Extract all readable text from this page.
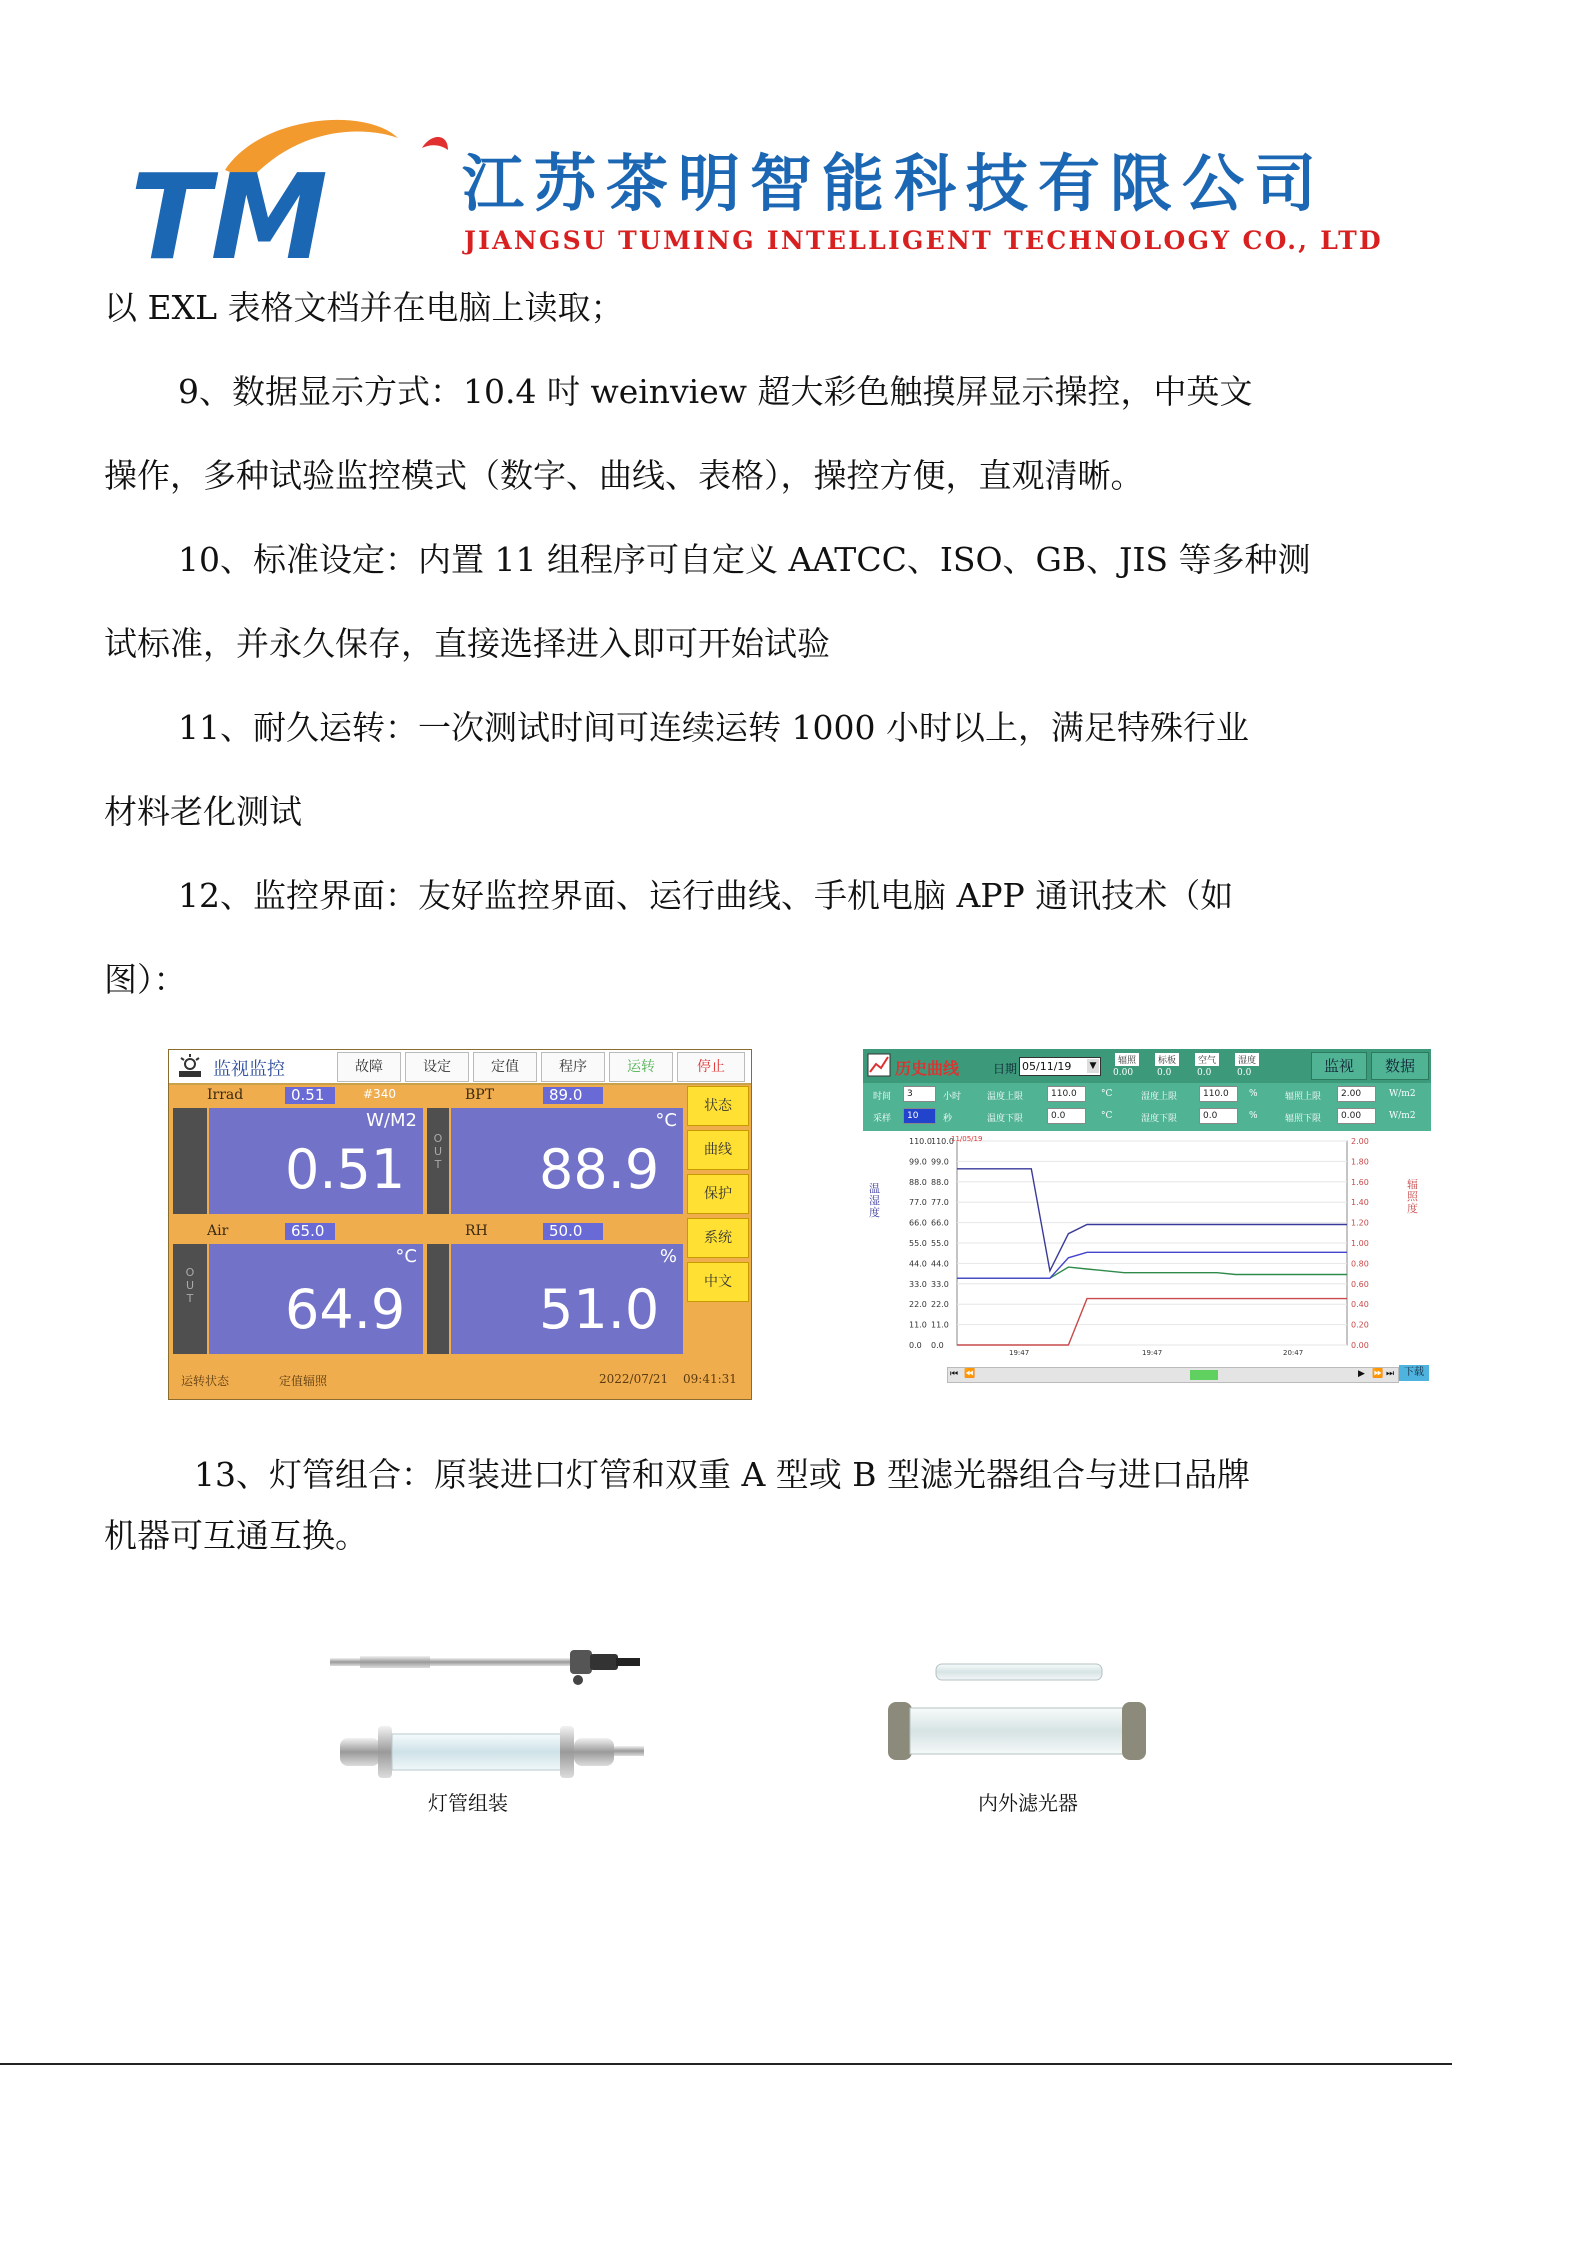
TM 江苏茶明智能科技有限公司
JIANGSU TUMING INTELLIGENT TECHNOLOGY CO., LTD
以 EXL 表格文档并在电脑上读取；
9、数据显示方式：10.4 吋 weinview 超大彩色触摸屏显示操控，中英文
操作，多种试验监控模式（数字、曲线、表格），操控方便，直观清晰。
10、标准设定：内置 11 组程序可自定义 AATCC、ISO、GB、JIS 等多种测
试标准，并永久保存，直接选择进入即可开始试验
11、耐久运转：一次测试时间可连续运转 1000 小时以上，满足特殊行业
材料老化测试
12、监控界面：友好监控界面、运行曲线、手机电脑 APP 通讯技术（如
图）：
监视监控	故障	设定	定值	程序	运转	停止
状态
曲线
保护
系统
中文
Irrad	0.51	#340
W/M2
0.51
BPT	89.0
OUT
°C
88.9
Air	65.0
OUT
°C
64.9
RH	50.0
%
51.0
运转状态	定值辐照	2022/07/21 09:41:31
历史曲线	日期 05/11/19 ▼	辐照	标板	空气	湿度
0.00	0.0	0.0	0.0	监视	数据
时间	3	小时
采样	10	秒
温度上限	110.0	°C
温度下限	0.0	°C
湿度上限	110.0	%
湿度下限	0.0	%
辐照上限	2.00	W/m2
辐照下限	0.00	W/m2
温湿度
辐照度
0.0 0.0
11.0 11.0
22.0 22.0
33.0 33.0
44.0 44.0
55.0 55.0
66.0 66.0
77.0 77.0
88.0 88.0
99.0 99.0
110.0 110.0
0.00
0.20
0.40
0.60
0.80
1.00
1.20
1.40
1.60
1.80
2.00
19:47	19:47	20:47
11/05/19
⏮ ⏪	▶ ⏩ ⏭ 下载
13、灯管组合：原装进口灯管和双重 A 型或 B 型滤光器组合与进口品牌
机器可互通互换。
灯管组装	内外滤光器
